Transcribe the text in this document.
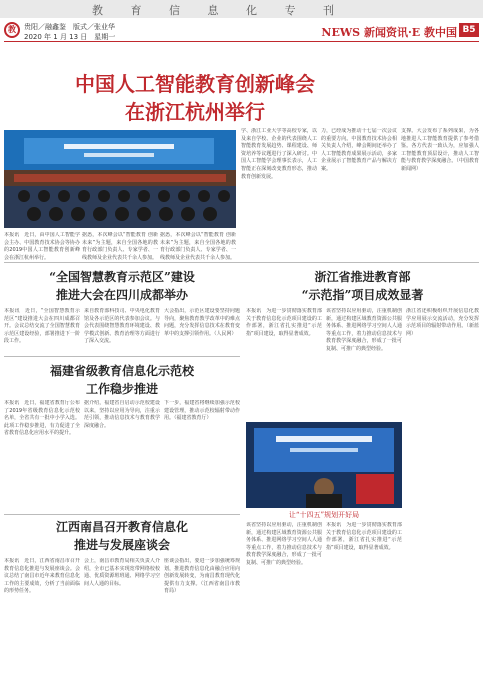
教 育 信 息 化 专 刊
教	贵阳／融鑫鉴　 版式／张业华
2020 年 1 月 13 日　星期一	NEWS 新闻资讯·E 教中国 B5
中国人工智能教育创新峰会
在浙江杭州举行
本报讯　近日，由中国人工智能学会主办、中国教育技术协会等协办的2019中国人工智能教育创新峰会在浙江杭州举行。
据悉，本次峰会以“智能教育 创新未来”为主题，来自全国各地的教育行政部门负责人、专家学者、一线教师及企业代表共千余人参加。
据悉，本次峰会以“智能教育 创新未来”为主题，来自全国各地的教育行政部门负责人、专家学者、一线教师及企业代表共千余人参加。
学、浙江工业大学等高校专家，以及来自学校、企业的代表围绕人工智能教育发展趋势、课程建设、师资培养等议题进行了深入研讨。中国人工智能学会理事长表示，人工智能正在深刻改变教育形态，推动教育创新发展。
力，已经成为推动十七届一次会议的重要方向。中国教育技术协会相关负责人介绍，峰会期间还举办了人工智能教育成果展示活动，多家企业展示了智能教育产品与解决方案。
支撑。大会发布了系列成果，为各地推进人工智能教育提供了参考借鉴。各方代表一致认为，应加强人工智能教育顶层设计，推动人工智能与教育教学深度融合。（中国教育新闻网）
“全国智慧教育示范区”建设
推进大会在四川成都举办
本报讯　近日，“全国智慧教育示范区”建设推进大会在四川成都召开。会议总结交流了全国智慧教育示范区建设经验，部署推进下一阶段工作。
来自教育部科技司、中央电化教育馆及各示范区的代表参加会议。与会代表围绕智慧教育环境建设、教学模式创新、教育治理等方面进行了深入交流。
大会指出，示范区建设要坚持问题导向，聚焦教育教学改革中的难点问题，充分发挥信息技术在教育变革中的支撑引领作用。（人民网）
福建省级教育信息化示范校
工作稳步推进
本报讯　近日，福建省教育厅公布了2019年省级教育信息化示范校名单，全省共有一批中小学入选。此项工作稳步推进，有力促进了全省教育信息化应用水平的提升。
据介绍，福建省自启动示范校建设以来，坚持以应用为导向，注重示范引领，推动信息技术与教育教学深度融合。
下一步，福建省将继续加强示范校建设管理，推动示范校辐射带动作用。（福建省教育厅）
江西南昌召开教育信息化
推进与发展座谈会
本报讯　近日，江西省南昌市召开教育信息化推进与发展座谈会。会议总结了南昌市近年来教育信息化工作的主要成效，分析了当前面临的形势任务。
会上，南昌市教育局相关负责人介绍，全市已基本实现宽带网络校校通、优质资源班班通、网络学习空间人人通的目标。
座谈会指出，要进一步加强统筹规划，推进教育信息化由融合应用向创新发展转变，为南昌教育现代化提供有力支撑。（江西省南昌市教育局）
浙江省推进教育部
“示范指”项目成效显著
本报讯　为进一步贯彻落实教育部关于教育信息化示范项目建设的工作部署，浙江省扎实推进“示范指”项目建设，取得显著成效。
该省坚持以应用驱动，注重机制创新，通过构建区域教育资源公共服务体系、推进网络学习空间人人通等重点工作，着力推动信息技术与教育教学深度融合，形成了一批可复制、可推广的典型经验。
浙江省还积极组织开展信息化教学应用展示交流活动，充分发挥示范项目的辐射带动作用。（新蓝网）
让“十四五”规划开好局
该省坚持以应用驱动，注重机制创新，通过构建区域教育资源公共服务体系、推进网络学习空间人人通等重点工作，着力推动信息技术与教育教学深度融合，形成了一批可复制、可推广的典型经验。
本报讯　为进一步贯彻落实教育部关于教育信息化示范项目建设的工作部署，浙江省扎实推进“示范指”项目建设，取得显著成效。
